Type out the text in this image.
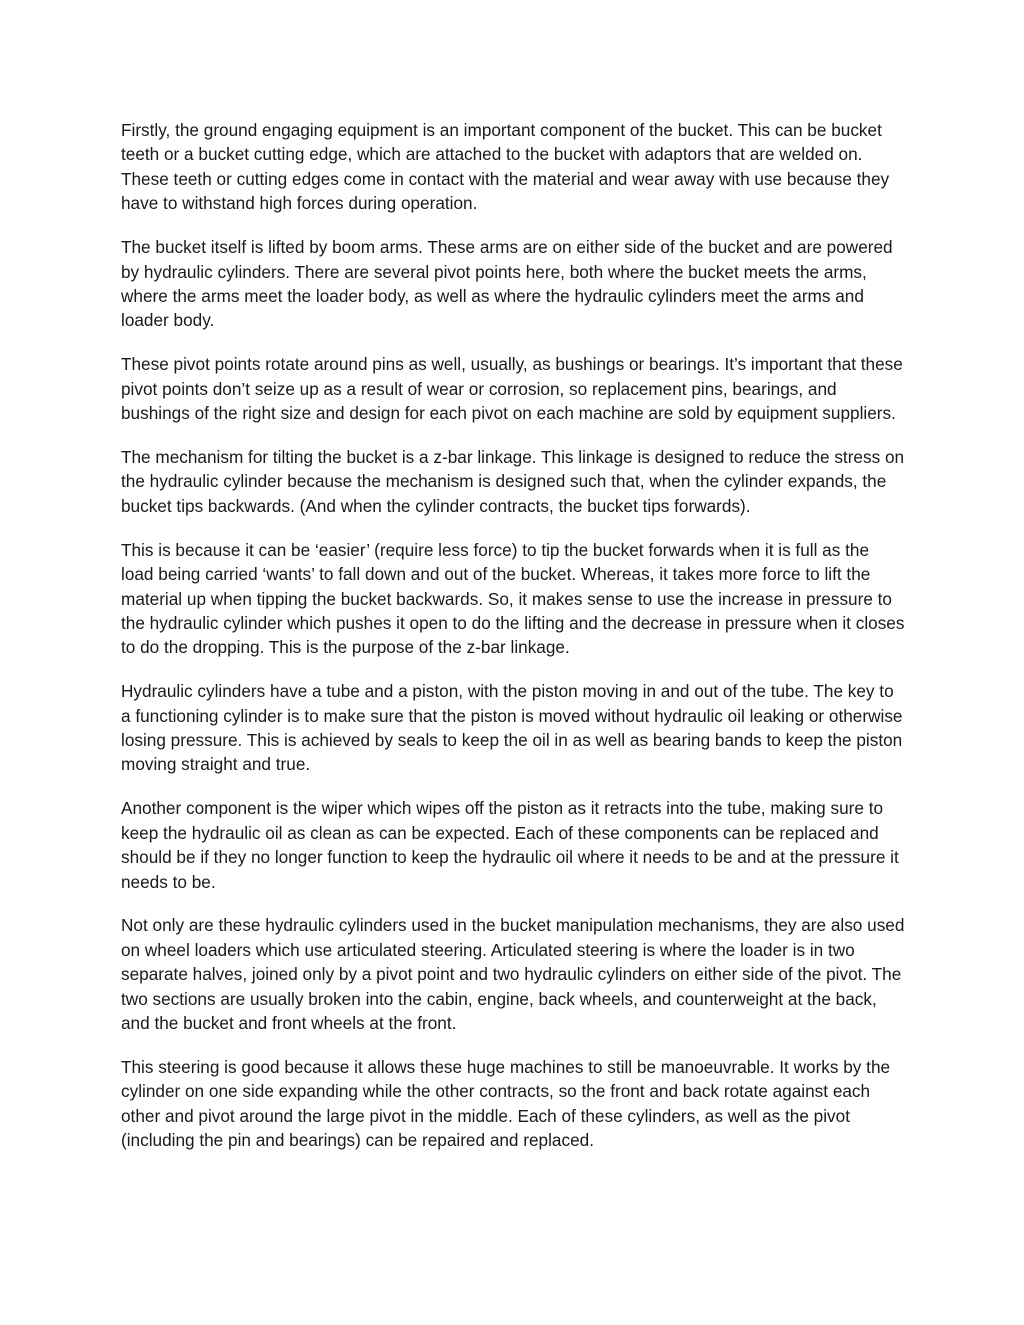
Firstly, the ground engaging equipment is an important component of the bucket. This can be bucket teeth or a bucket cutting edge, which are attached to the bucket with adaptors that are welded on. These teeth or cutting edges come in contact with the material and wear away with use because they have to withstand high forces during operation.

The bucket itself is lifted by boom arms. These arms are on either side of the bucket and are powered by hydraulic cylinders. There are several pivot points here, both where the bucket meets the arms, where the arms meet the loader body, as well as where the hydraulic cylinders meet the arms and loader body.

These pivot points rotate around pins as well, usually, as bushings or bearings. It’s important that these pivot points don’t seize up as a result of wear or corrosion, so replacement pins, bearings, and bushings of the right size and design for each pivot on each machine are sold by equipment suppliers.

The mechanism for tilting the bucket is a z-bar linkage. This linkage is designed to reduce the stress on the hydraulic cylinder because the mechanism is designed such that, when the cylinder expands, the bucket tips backwards. (And when the cylinder contracts, the bucket tips forwards).

This is because it can be ‘easier’ (require less force) to tip the bucket forwards when it is full as the load being carried ‘wants’ to fall down and out of the bucket. Whereas, it takes more force to lift the material up when tipping the bucket backwards. So, it makes sense to use the increase in pressure to the hydraulic cylinder which pushes it open to do the lifting and the decrease in pressure when it closes to do the dropping. This is the purpose of the z-bar linkage.

Hydraulic cylinders have a tube and a piston, with the piston moving in and out of the tube. The key to a functioning cylinder is to make sure that the piston is moved without hydraulic oil leaking or otherwise losing pressure. This is achieved by seals to keep the oil in as well as bearing bands to keep the piston moving straight and true.

Another component is the wiper which wipes off the piston as it retracts into the tube, making sure to keep the hydraulic oil as clean as can be expected. Each of these components can be replaced and should be if they no longer function to keep the hydraulic oil where it needs to be and at the pressure it needs to be.

Not only are these hydraulic cylinders used in the bucket manipulation mechanisms, they are also used on wheel loaders which use articulated steering. Articulated steering is where the loader is in two separate halves, joined only by a pivot point and two hydraulic cylinders on either side of the pivot. The two sections are usually broken into the cabin, engine, back wheels, and counterweight at the back, and the bucket and front wheels at the front.

This steering is good because it allows these huge machines to still be manoeuvrable. It works by the cylinder on one side expanding while the other contracts, so the front and back rotate against each other and pivot around the large pivot in the middle. Each of these cylinders, as well as the pivot (including the pin and bearings) can be repaired and replaced.
